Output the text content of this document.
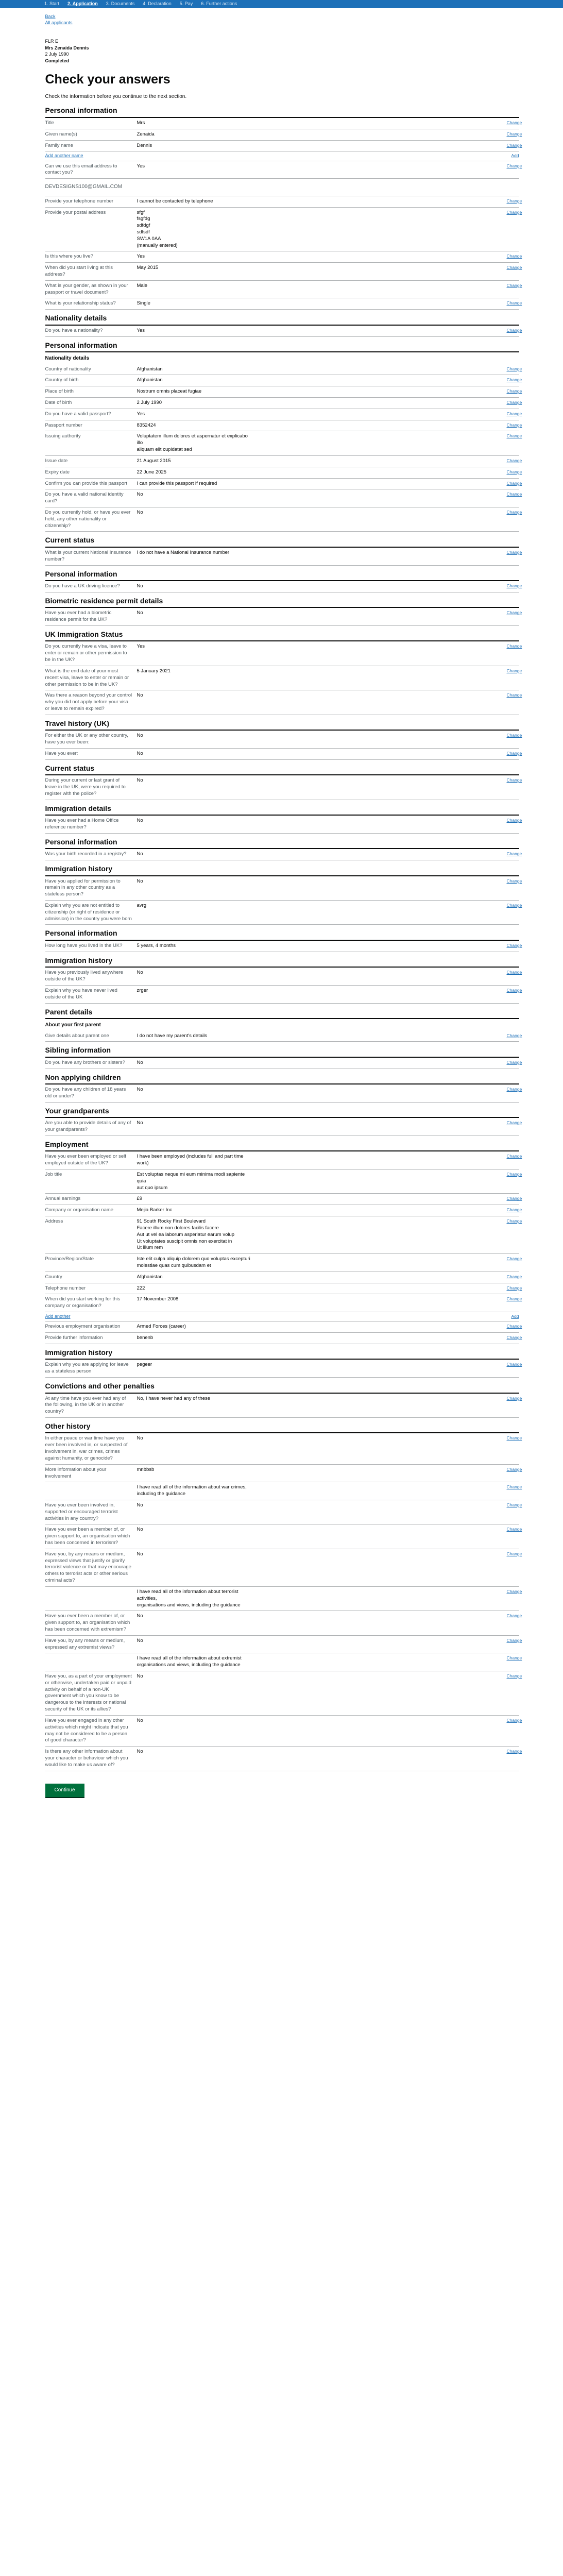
1. Start 2. Application 3. Documents 4. Declaration 5. Pay 6. Further actions
Back
All applicants
FLR E
Mrs Zenaida Dennis
2 July 1990
Completed
Check your answers

Check the information before you continue to the next section.

Personal information
Title	Mrs	Change
Given name(s)	Zenaida	Change
Family name	Dennis	Change
Add another name	Add
Can we use this email address to contact you?
Yes	Change
DEVDESIGNS100@GMAIL.COM
Provide your telephone number	I cannot be contacted by telephone	Change
Provide your postal address	sfgf
fsgfdg
sdfdgf
sdfsdf
SW1A 0AA
(manually entered)
Change
Is this where you live?	Yes	Change
When did you start living at this address?
May 2015	Change
What is your gender, as shown in your passport or travel document?
Male	Change
What is your relationship status?	Single	Change
Nationality details
Do you have a nationality?	Yes	Change
Personal information
Nationality details
Country of nationality	Afghanistan	Change
Country of birth	Afghanistan	Change
Place of birth	Nostrum omnis placeat fugiae	Change
Date of birth	2 July 1990	Change
Do you have a valid passport?	Yes	Change
Passport number	8352424	Change
Issuing authority	Voluptatem illum dolores et aspernatur et explicabo illo
aliquam elit cupidatat sed
Change
Issue date	21 August 2015	Change
Expiry date	22 June 2025	Change
Confirm you can provide this passport	I can provide this passport if required	Change
Do you have a valid national identity card?
No	Change
Do you currently hold, or have you ever held, any other nationality or citizenship?
No	Change
Current status
What is your current National Insurance number?
I do not have a National Insurance number	Change
Personal information
Do you have a UK driving licence?	No	Change
Biometric residence permit details
Have you ever had a biometric residence permit for the UK?
No	Change
UK Immigration Status
Do you currently have a visa, leave to enter or remain or other permission to be in the UK?
Yes	Change
What is the end date of your most recent visa, leave to enter or remain or other permission to be in the UK?
5 January 2021	Change
Was there a reason beyond your control why you did not apply before your visa or leave to remain expired?
No	Change
Travel history (UK)
For either the UK or any other country, have you ever been:
No	Change
Have you ever:	No	Change
Current status
During your current or last grant of leave in the UK, were you required to register with the police?
No	Change
Immigration details
Have you ever had a Home Office reference number?
No	Change
Personal information
Was your birth recorded in a registry?	No	Change
Immigration history
Have you applied for permission to remain in any other country as a stateless person?
No	Change
Explain why you are not entitled to citizenship (or right of residence or admission) in the country you were born
avrg	Change
Personal information
How long have you lived in the UK?	5 years, 4 months	Change
Immigration history
Have you previously lived anywhere outside of the UK?
No	Change
Explain why you have never lived outside of the UK
zrger	Change
Parent details
About your first parent
Give details about parent one	I do not have my parent's details	Change
Sibling information
Do you have any brothers or sisters?	No	Change
Non applying children
Do you have any children of 18 years old or under?
No	Change
Your grandparents
Are you able to provide details of any of your grandparents?
No	Change
Employment
Have you ever been employed or self employed outside of the UK?
I have been employed (includes full and part time work)
Change
Job title	Est voluptas neque mi eum minima modi sapiente quia
aut quo ipsum
Change
Annual earnings	£9	Change
Company or organisation name	Mejia Barker Inc	Change
Address	91 South Rocky First Boulevard
Facere illum non dolores facilis facere
Aut ut vel ea laborum asperiatur earum volup
Ut voluptates suscipit omnis non exercitat in
Ut illum rem
Change
Province/Region/State	Iste elit culpa aliquip dolorem quo voluptas excepturi
molestiae quas cum quibusdam et
Change
Country	Afghanistan	Change
Telephone number	222	Change
When did you start working for this company or organisation?
17 November 2008	Change
Add another	Add
Previous employment organisation	Armed Forces (career)	Change
Provide further information	benenb	Change
Immigration history
Explain why you are applying for leave as a stateless person
pegeer	Change
Convictions and other penalties
At any time have you ever had any of the following, in the UK or in another country?
No, I have never had any of these	Change
Other history
In either peace or war time have you ever been involved in, or suspected of involvement in, war crimes, crimes against humanity, or genocide?
No	Change
More information about your involvement
mnbbsb	Change
I have read all of the information about war crimes,
including the guidance
Change
Have you ever been involved in, supported or encouraged terrorist activities in any country?
No	Change
Have you ever been a member of, or given support to, an organisation which has been concerned in terrorism?
No	Change
Have you, by any means or medium, expressed views that justify or glorify terrorist violence or that may encourage others to terrorist acts or other serious criminal acts?
No	Change
I have read all of the information about terrorist activities,
organisations and views, including the guidance
Change
Have you ever been a member of, or given support to, an organisation which has been concerned with extremism?
No	Change
Have you, by any means or medium, expressed any extremist views?
No	Change
I have read all of the information about extremist
organisations and views, including the guidance
Change
Have you, as a part of your employment or otherwise, undertaken paid or unpaid activity on behalf of a non-UK government which you know to be dangerous to the interests or national security of the UK or its allies?
No	Change
Have you ever engaged in any other activities which might indicate that you may not be considered to be a person of good character?
No	Change
Is there any other information about your character or behaviour which you would like to make us aware of?
No	Change
Continue
